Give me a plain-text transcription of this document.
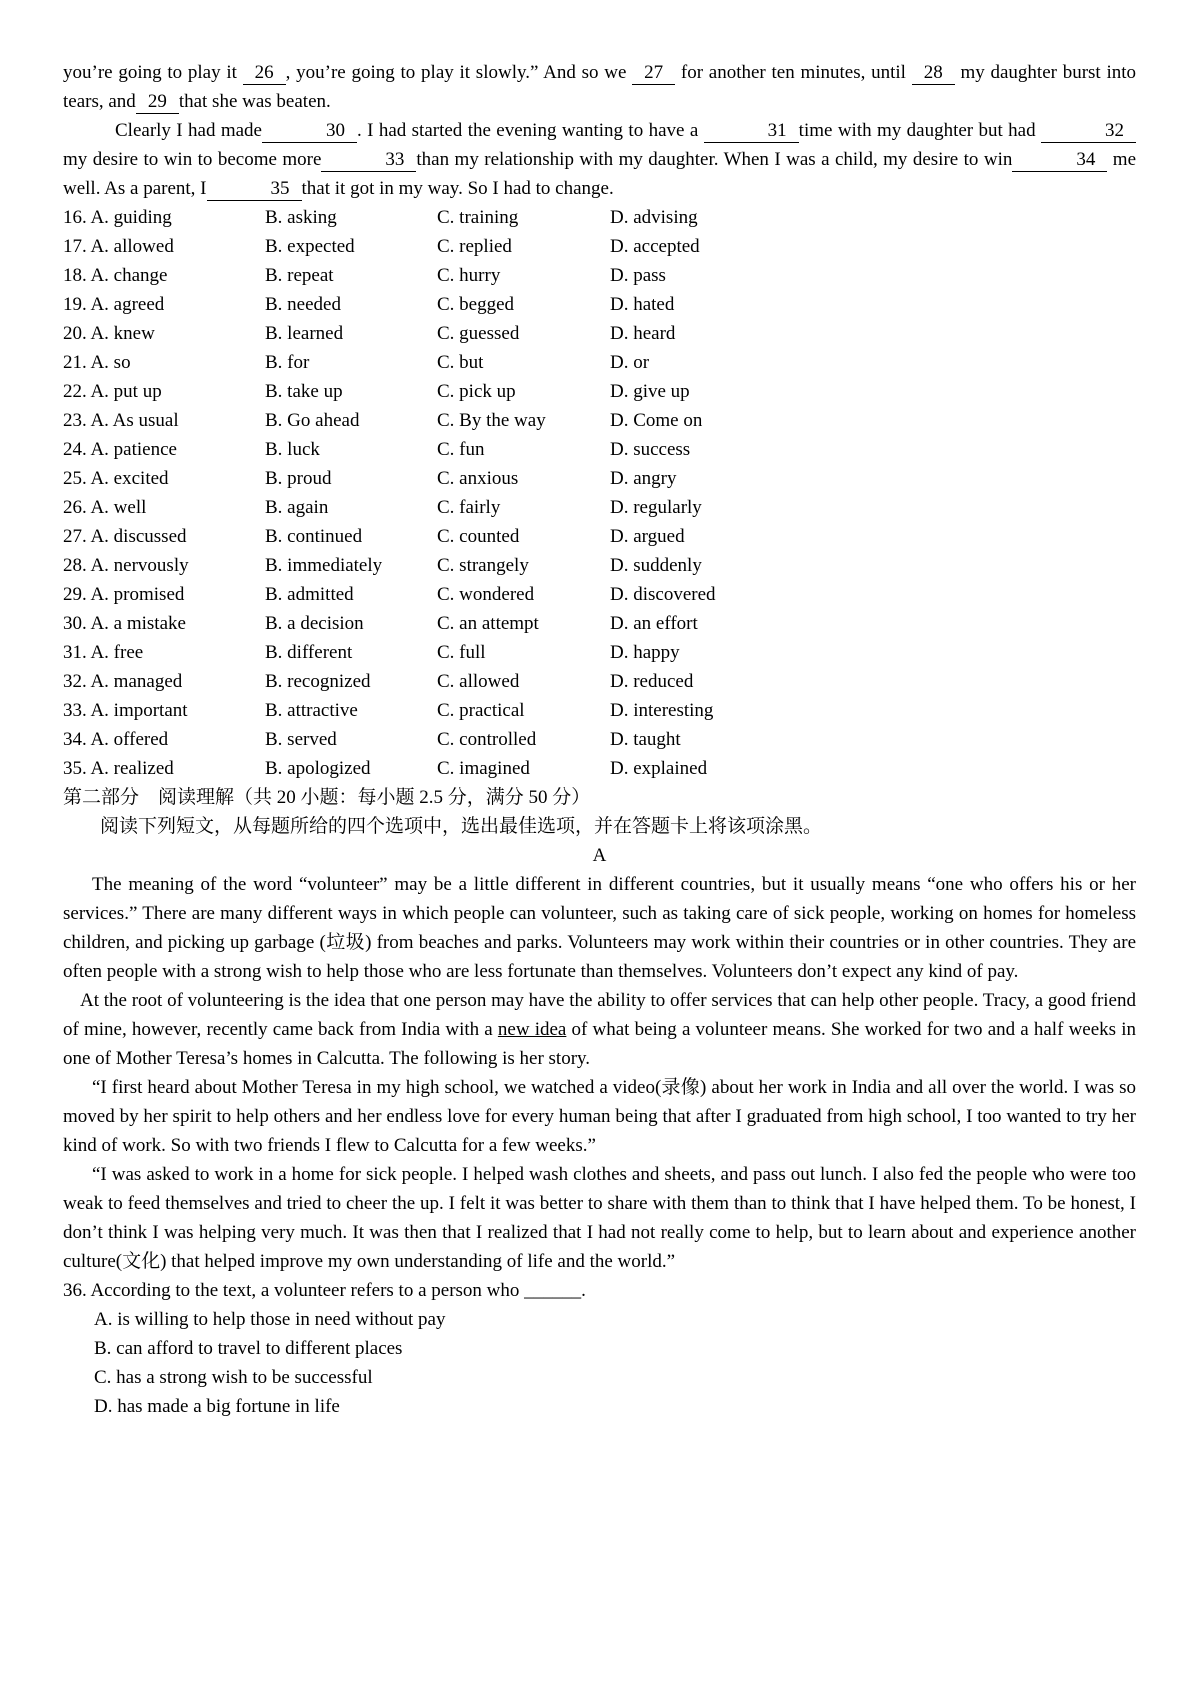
you’re going to play it 26 , you’re going to play it slowly.” And so we 27 for another ten minutes, until 28 my daughter burst into tears, and 29 that she was beaten.

Clearly I had made	30 . I had started the evening wanting to have a	31 time with my daughter but had	32my desire to win to become more	33 than my relationship with my daughter. When I was a child, my desire to win	34 me well. As a parent, I	35 that it got in my way. So I had to change.

16. A. guiding	B. asking	C. training	D. advising
17. A. allowed	B. expected	C. replied	D. accepted
18. A. change	B. repeat	C. hurry	D. pass
19. A. agreed	B. needed	C. begged	D. hated
20. A. knew	B. learned	C. guessed	D. heard
21. A. so	B. for	C. but	D. or
22. A. put up	B. take up	C. pick up	D. give up
23. A. As usual	B. Go ahead	C. By the way	D. Come on
24. A. patience	B. luck	C. fun	D. success
25. A. excited	B. proud	C. anxious	D. angry
26. A. well	B. again	C. fairly	D. regularly
27. A. discussed	B. continued	C. counted	D. argued
28. A. nervously	B. immediately	C. strangely	D. suddenly
29. A. promised	B. admitted	C. wondered	D. discovered
30. A. a mistake	B. a decision	C. an attempt	D. an effort
31. A. free	B. different	C. full	D. happy
32. A. managed	B. recognized	C. allowed	D. reduced
33. A. important	B. attractive	C. practical	D. interesting
34. A. offered	B. served	C. controlled	D. taught
35. A. realized	B. apologized	C. imagined	D. explained

第二部分　阅读理解（共 20 小题：每小题 2.5 分，满分 50 分）

阅读下列短文，从每题所给的四个选项中，选出最佳选项，并在答题卡上将该项涂黑。

A

The meaning of the word “volunteer” may be a little different in different countries, but it usually means “one who offers his or her services.” There are many different ways in which people can volunteer, such as taking care of sick people, working on homes for homeless children, and picking up garbage (垃圾) from beaches and parks. Volunteers may work within their countries or in other countries. They are often people with a strong wish to help those who are less fortunate than themselves. Volunteers don’t expect any kind of pay.

At the root of volunteering is the idea that one person may have the ability to offer services that can help other people. Tracy, a good friend of mine, however, recently came back from India with a new idea of what being a volunteer means. She worked for two and a half weeks in one of Mother Teresa’s homes in Calcutta. The following is her story.

“I first heard about Mother Teresa in my high school, we watched a video(录像) about her work in India and all over the world. I was so moved by her spirit to help others and her endless love for every human being that after I graduated from high school, I too wanted to try her kind of work. So with two friends I flew to Calcutta for a few weeks.”

“I was asked to work in a home for sick people. I helped wash clothes and sheets, and pass out lunch. I also fed the people who were too weak to feed themselves and tried to cheer the up. I felt it was better to share with them than to think that I have helped them. To be honest, I don’t think I was helping very much. It was then that I realized that I had not really come to help, but to learn about and experience another culture(文化) that helped improve my own understanding of life and the world.”

36. According to the text, a volunteer refers to a person who ______.

A. is willing to help those in need without pay

B. can afford to travel to different places

C. has a strong wish to be successful

D. has made a big fortune in life
